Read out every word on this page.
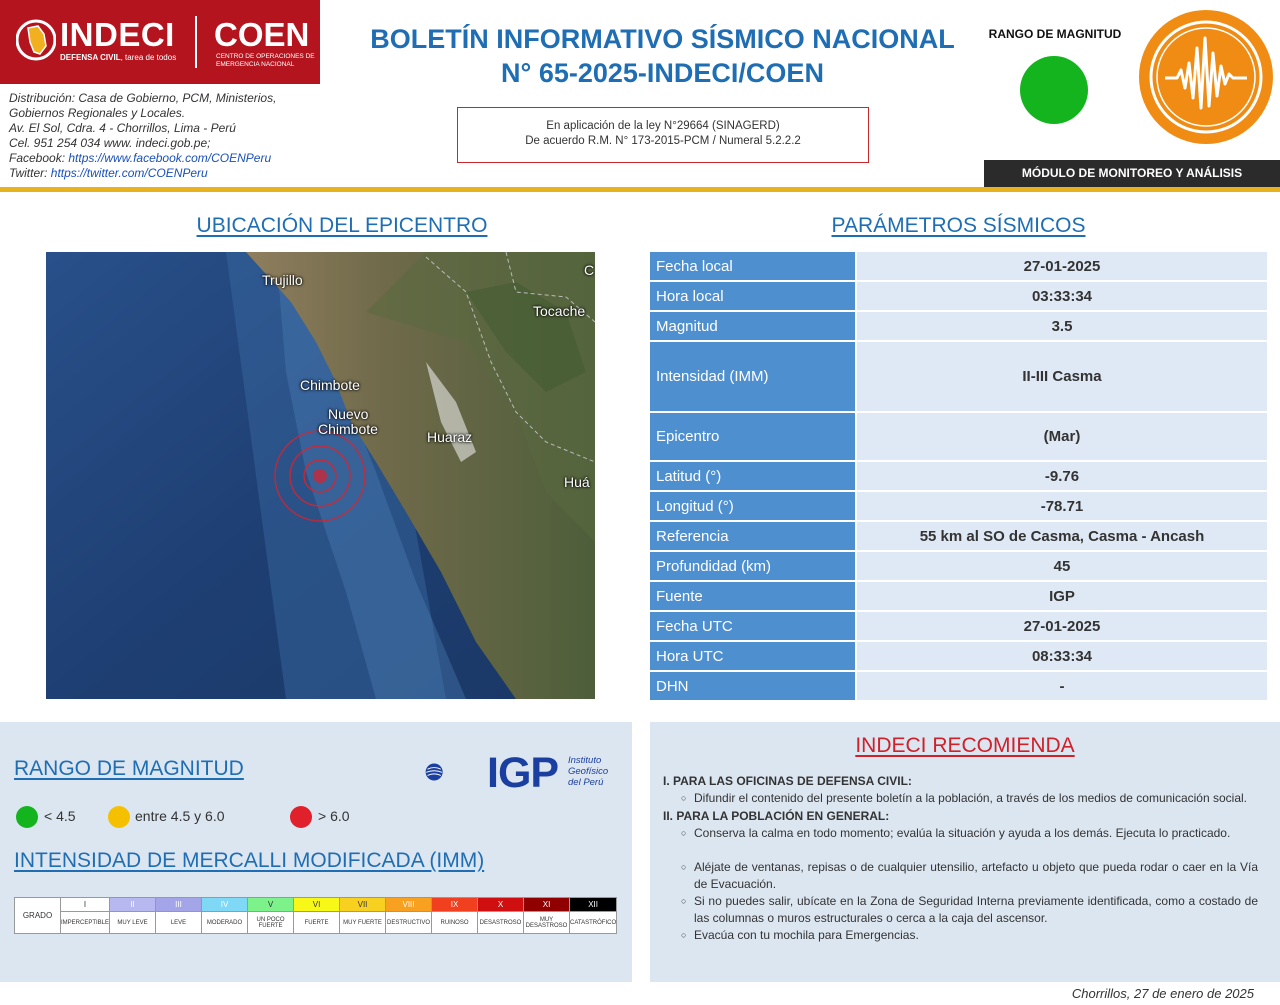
INDECI
DEFENSA CIVIL, tarea de todos
COEN
CENTRO DE OPERACIONES DE EMERGENCIA NACIONAL
Distribución: Casa de Gobierno, PCM, Ministerios,
Gobiernos Regionales y Locales.
Av. El Sol, Cdra. 4 - Chorrillos, Lima - Perú
Cel. 951 254 034 www. indeci.gob.pe;
Facebook: https://www.facebook.com/COENPeru
Twitter: https://twitter.com/COENPeru
BOLETÍN INFORMATIVO SÍSMICO NACIONAL
N° 65-2025-INDECI/COEN
En aplicación de la ley N°29664 (SINAGERD)
De acuerdo R.M. N° 173-2015-PCM / Numeral 5.2.2.2
RANGO DE MAGNITUD
MÓDULO DE MONITOREO Y ANÁLISIS
UBICACIÓN DEL EPICENTRO	PARÁMETROS SÍSMICOS
Trujillo
Tocache
C
Chimbote
Nuevo
Chimbote	Huaraz
Huá
Fecha local		27-01-2025
Hora local		03:33:34
Magnitud		3.5
Intensidad (IMM)		II-III Casma
Epicentro		(Mar)
Latitud (°)		-9.76
Longitud (°)		-78.71
Referencia		55 km al SO de Casma, Casma - Ancash
Profundidad (km)		45
Fuente		IGP
Fecha UTC		27-01-2025
Hora UTC		08:33:34
DHN		-
RANGO DE MAGNITUD	IGP Instituto
Geofísico
del Perú
< 4.5	entre 4.5 y 6.0	> 6.0
INTENSIDAD DE MERCALLI MODIFICADA (IMM)
GRADO	I	II	III	IV	V	VI	VII	VIII	IX	X	XI	XII
	IMPERCEPTIBLE	MUY LEVE	LEVE	MODERADO	UN POCO FUERTE	FUERTE	MUY FUERTE	DESTRUCTIVO	RUINOSO	DESASTROSO	MUY DESASTROSO	CATASTRÓFICO
INDECI RECOMIENDA
I. PARA LAS OFICINAS DE DEFENSA CIVIL:
○ Difundir el contenido del presente boletín a la población, a través de los medios de comunicación social.
II. PARA LA POBLACIÓN EN GENERAL:
○ Conserva la calma en todo momento; evalúa la situación y ayuda a los demás. Ejecuta lo practicado.
○ Aléjate de ventanas, repisas o de cualquier utensilio, artefacto u objeto que pueda rodar o caer en la Vía de Evacuación.
○ Si no puedes salir, ubícate en la Zona de Seguridad Interna previamente identificada, como a costado de las columnas o muros estructurales o cerca a la caja del ascensor.
○ Evacúa con tu mochila para Emergencias.
Chorrillos, 27 de enero de 2025
